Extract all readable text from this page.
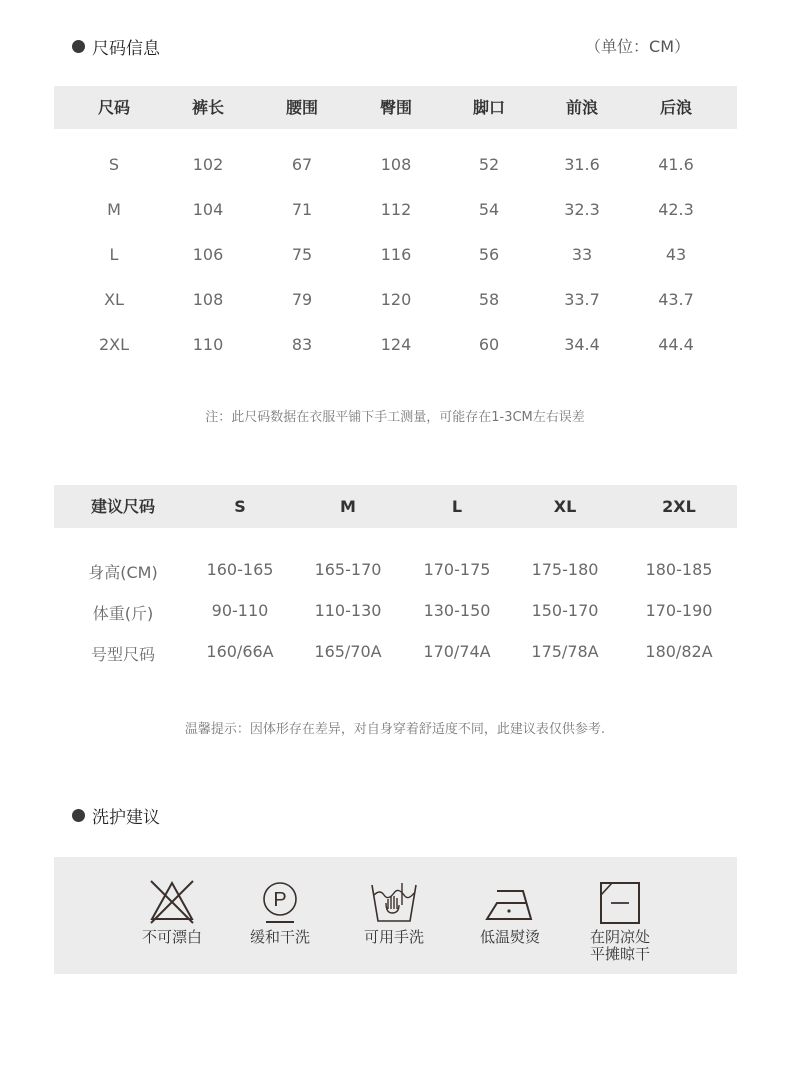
尺码信息	（单位：CM）
尺码	裤长	腰围	臀围	脚口	前浪	后浪
S	102	67	108	52	31.6	41.6
M	104	71	112	54	32.3	42.3
L	106	75	116	56	33	43
XL	108	79	120	58	33.7	43.7
2XL	110	83	124	60	34.4	44.4
注：此尺码数据在衣服平铺下手工测量，可能存在1-3CM左右误差
建议尺码	S	M	L	XL	2XL
身高(CM)	160-165	165-170	170-175	175-180	180-185
体重(斤)	90-110	110-130	130-150	150-170	170-190
号型尺码	160/66A	165/70A	170/74A	175/78A	180/82A
温馨提示：因体形存在差异，对自身穿着舒适度不同，此建议表仅供参考.
洗护建议
不可漂白
P
缓和干洗	可用手洗	低温熨烫	在阴凉处
平摊晾干
